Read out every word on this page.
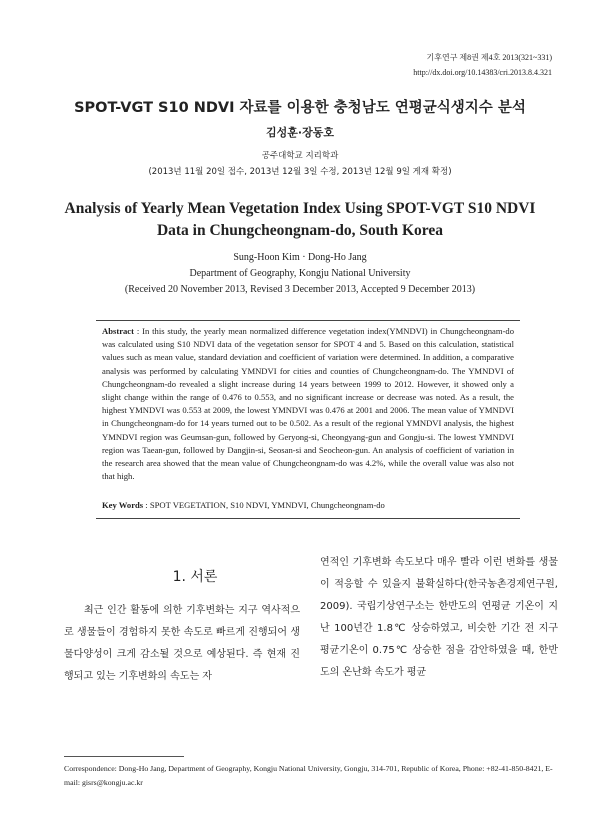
기후연구 제8권 제4호 2013(321~331)
http://dx.doi.org/10.14383/cri.2013.8.4.321
SPOT-VGT S10 NDVI 자료를 이용한 충청남도 연평균식생지수 분석
김성훈·장동호
공주대학교 지리학과
(2013년 11월 20일 접수, 2013년 12월 3일 수정, 2013년 12월 9일 게재 확정)
Analysis of Yearly Mean Vegetation Index Using SPOT-VGT S10 NDVI Data in Chungcheongnam-do, South Korea
Sung-Hoon Kim · Dong-Ho Jang
Department of Geography, Kongju National University
(Received 20 November 2013, Revised 3 December 2013, Accepted 9 December 2013)
Abstract : In this study, the yearly mean normalized difference vegetation index(YMNDVI) in Chungcheongnam-do was calculated using S10 NDVI data of the vegetation sensor for SPOT 4 and 5. Based on this calculation, statistical values such as mean value, standard deviation and coefficient of variation were determined. In addition, a comparative analysis was performed by calculating YMNDVI for cities and counties of Chungcheongnam-do. The YMNDVI of Chungcheongnam-do revealed a slight increase during 14 years between 1999 to 2012. However, it showed only a slight change within the range of 0.476 to 0.553, and no significant increase or decrease was noted. As a result, the highest YMNDVI was 0.553 at 2009, the lowest YMNDVI was 0.476 at 2001 and 2006. The mean value of YMNDVI in Chungcheongnam-do for 14 years turned out to be 0.502. As a result of the regional YMNDVI analysis, the highest YMNDVI region was Geumsan-gun, followed by Geryong-si, Cheongyang-gun and Gongju-si. The lowest YMNDVI region was Taean-gun, followed by Dangjin-si, Seosan-si and Seocheon-gun. An analysis of coefficient of variation in the research area showed that the mean value of Chungcheongnam-do was 4.2%, while the overall value was also not that high.
Key Words : SPOT VEGETATION, S10 NDVI, YMNDVI, Chungcheongnam-do
1. 서론
최근 인간 활동에 의한 기후변화는 지구 역사적으로 생물들이 경험하지 못한 속도로 빠르게 진행되어 생물다양성이 크게 감소될 것으로 예상된다. 즉 현재 진행되고 있는 기후변화의 속도는 자
연적인 기후변화 속도보다 매우 빨라 이런 변화를 생물이 적응할 수 있을지 불확실하다(한국농촌경제연구원, 2009). 국립기상연구소는 한반도의 연평균 기온이 지난 100년간 1.8℃ 상승하였고, 비슷한 기간 전 지구 평균기온이 0.75℃ 상승한 점을 감안하였을 때, 한반도의 온난화 속도가 평균
Correspondence: Dong-Ho Jang, Department of Geography, Kongju National University, Gongju, 314-701, Republic of Korea, Phone: +82-41-850-8421, E-mail: gisrs@kongju.ac.kr
